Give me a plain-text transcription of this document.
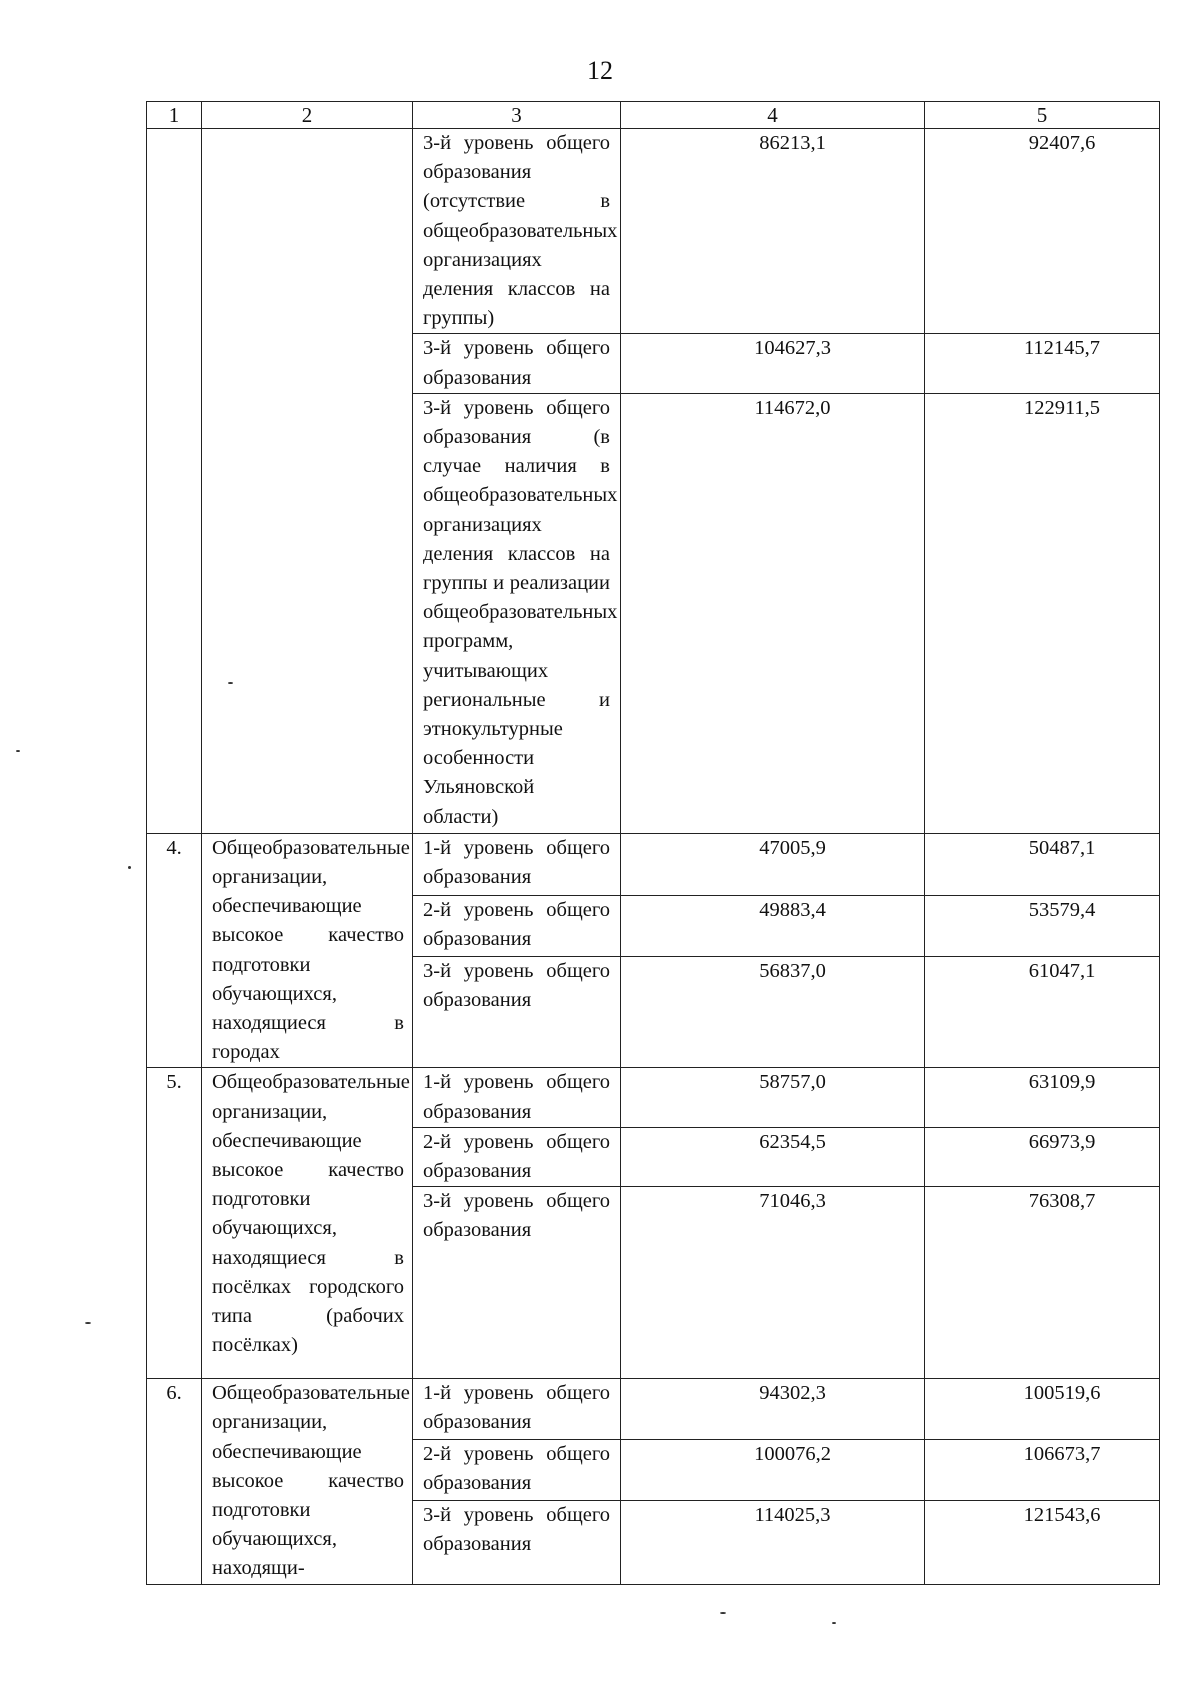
12
1	2	3	4	5
		3-й уровень общего образования (отсутствие в общеобразовательных организациях деления классов на группы)	86213,1	92407,6
		3-й уровень общего образования	104627,3	112145,7
		3-й уровень общего образования (в случае наличия в общеобразовательных организациях деления классов на группы и реализации общеобразовательных программ, учитывающих региональные и этнокультурные особенности Ульяновской области)	114672,0	122911,5
4.	Общеобразовательные организации, обеспечивающие высокое качество подготовки обучающихся, находящиеся в городах	1-й уровень общего образования	47005,9	50487,1
		2-й уровень общего образования	49883,4	53579,4
		3-й уровень общего образования	56837,0	61047,1
5.	Общеобразовательные организации, обеспечивающие высокое качество подготовки обучающихся, находящиеся в посёлках городского типа (рабочих посёлках)	1-й уровень общего образования	58757,0	63109,9
		2-й уровень общего образования	62354,5	66973,9
		3-й уровень общего образования	71046,3	76308,7
6.	Общеобразовательные организации, обеспечивающие высокое качество подготовки обучающихся, находящи-	1-й уровень общего образования	94302,3	100519,6
		2-й уровень общего образования	100076,2	106673,7
		3-й уровень общего образования	114025,3	121543,6
